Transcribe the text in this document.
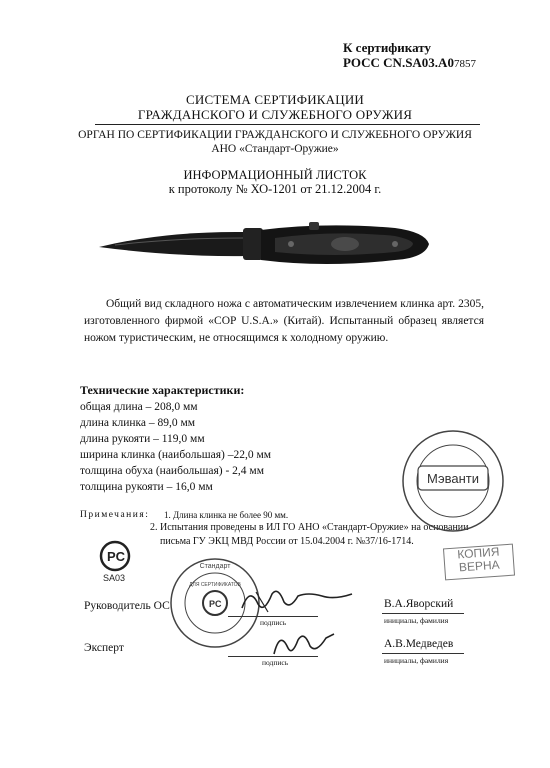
К сертификату
РОСС CN.SA03.A07857
СИСТЕМА СЕРТИФИКАЦИИ
ГРАЖДАНСКОГО И СЛУЖЕБНОГО ОРУЖИЯ
ОРГАН ПО СЕРТИФИКАЦИИ ГРАЖДАНСКОГО И СЛУЖЕБНОГО ОРУЖИЯ
АНО «Стандарт-Оружие»
ИНФОРМАЦИОННЫЙ ЛИСТОК
к протоколу № ХО-1201 от 21.12.2004 г.
Общий вид складного ножа с автоматическим извлечением клинка арт. 2305, изготовленного фирмой «COP U.S.A.» (Китай). Испытанный образец является ножом туристическим, не относящимся к холодному оружию.
Технические характеристики:
общая длина – 208,0 мм
длина клинка – 89,0 мм
длина рукояти – 119,0 мм
ширина клинка (наибольшая) –22,0 мм
толщина обуха (наибольшая) - 2,4 мм
толщина рукояти – 16,0 мм
Примечания: 1. Длина клинка не более 90 мм.
2. Испытания проведены в ИЛ ГО АНО «Стандарт-Оружие» на основании
письма ГУ ЭКЦ МВД России от 15.04.2004 г. №37/16-1714.
PC
SA03
Мэванти
КОПИЯ
ВЕРНА
PC
ДЛЯ СЕРТИФИКАТОВ
Стандарт
Руководитель ОС
подпись
В.А.Яворский
инициалы, фамилия
Эксперт
подпись
А.В.Медведев
инициалы, фамилия
